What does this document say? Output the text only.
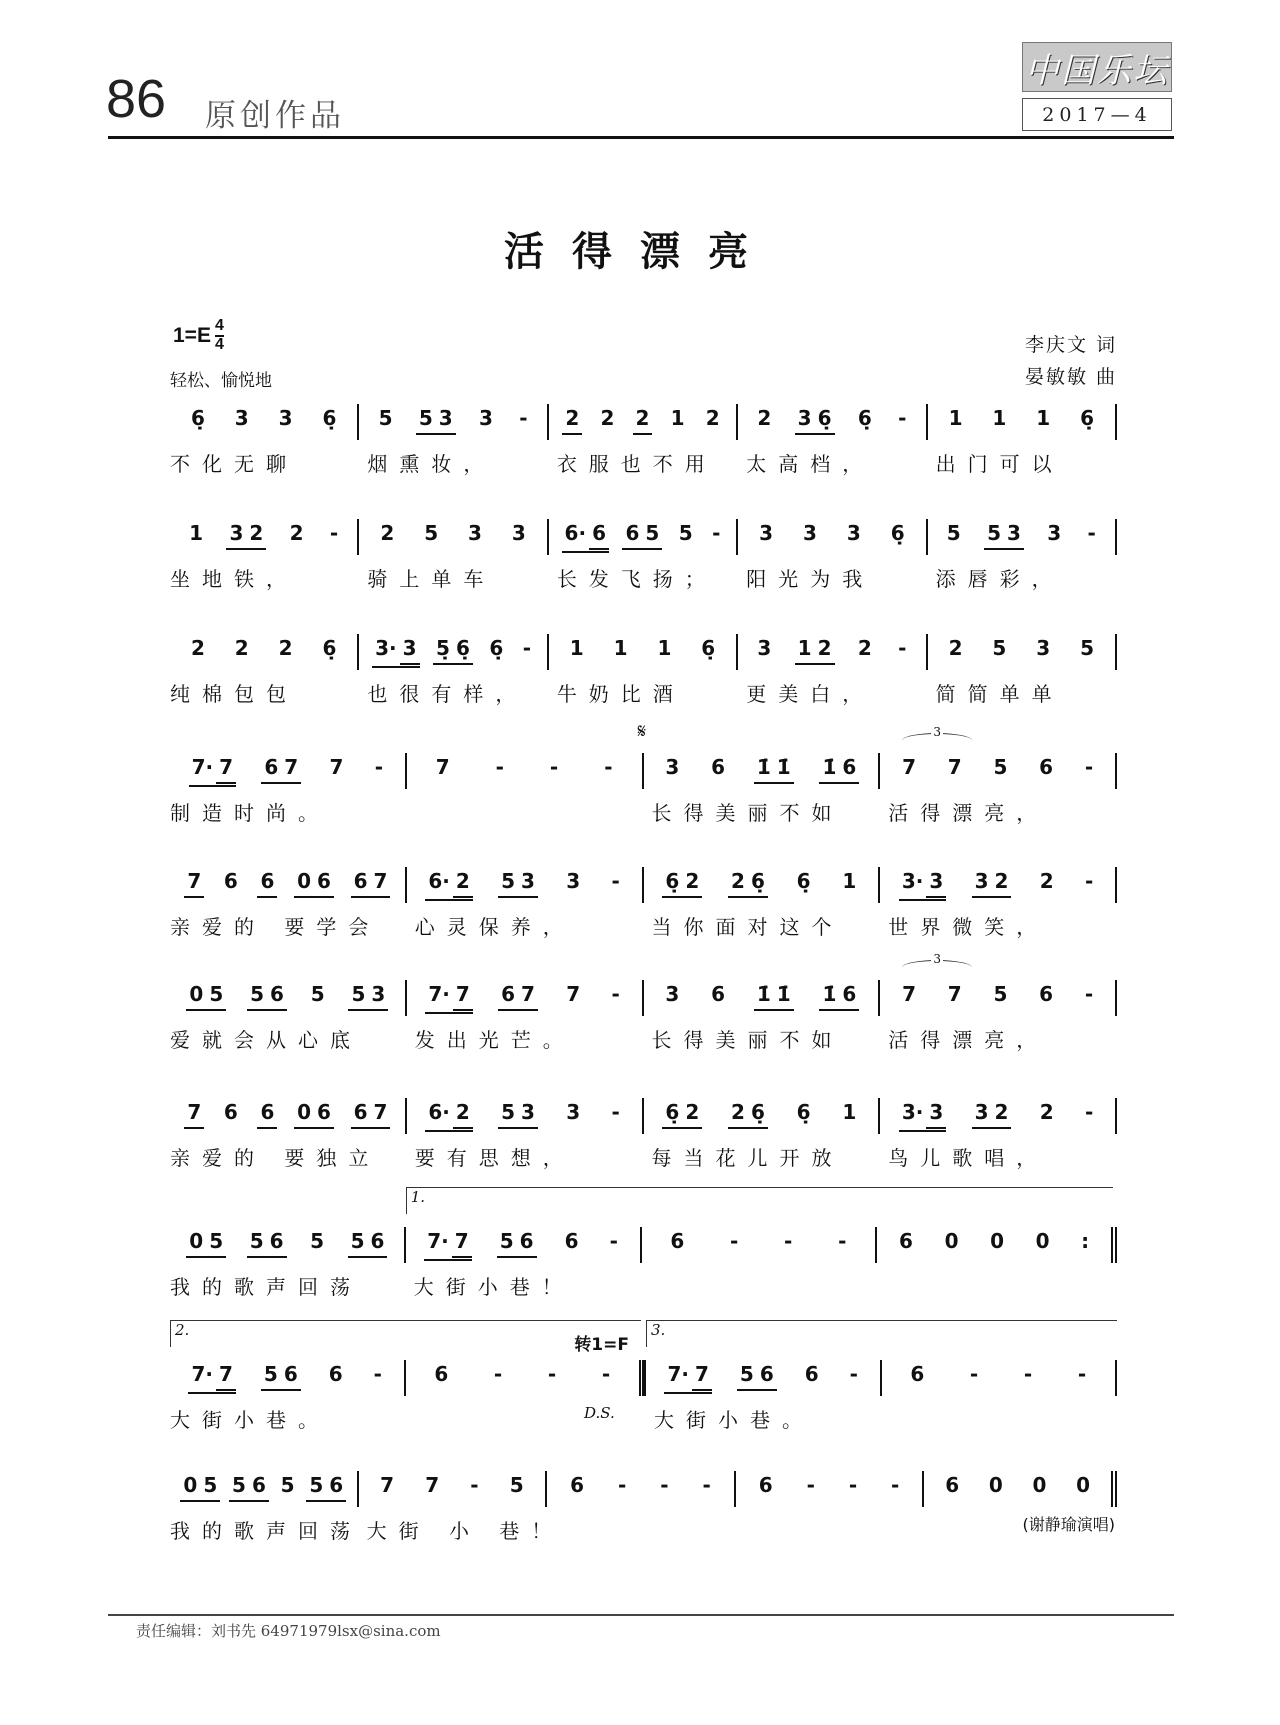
86 原创作品
中国乐坛
2017—4
活得漂亮
1=E 4
4
轻松、愉悦地
李庆文 词
晏敏敏 曲
6̣ 3 3 6̣
不化无聊
5 5 3 3 -
烟熏妆，
2 2 2 1 2
衣服也不用
2 3 6̣ 6̣ -
太高档，
1 1 1 6̣
出门可以
1 3 2 2 -
坐地铁，
2 5 3 3
骑上单车
6· 6 6 5 5 -
长发飞扬；
3 3 3 6̣
阳光为我
5 5 3 3 -
添唇彩，
2 2 2 6̣
纯棉包包
3· 3 5̣ 6̣ 6̣ -
也很有样，
1 1 1 6̣
牛奶比酒
3 1 2 2 -
更美白，
2 5 3 5
简简单单
7· 7 6 7 7 -
制造时尚。
7 - - -	3 6 1̇ 1̇ 1̇ 6
长得美丽不如
𝄋
7 7 5 6 -
活得漂亮，
3
7 6 6 0 6 6 7
亲爱的 要学会
6· 2 5 3 3 -
心灵保养，
6̣ 2 2 6̣ 6̣ 1
当你面对这个
3· 3 3 2 2 -
世界微笑，
0 5 5 6 5 5 3
爱就会从心底
7· 7 6 7 7 -
发出光芒。
3 6 1̇ 1̇ 1̇ 6
长得美丽不如
7 7 5 6 -
活得漂亮，
3
7 6 6 0 6 6 7
亲爱的 要独立
6· 2 5 3 3 -
要有思想，
6̣ 2 2 6̣ 6̣ 1
每当花儿开放
3· 3 3 2 2 -
鸟儿歌唱，
0 5 5 6 5 5 6
我的歌声回荡
7· 7 5 6 6 -
大街小巷！
1.
6 - - -	6 0 0 0 :
7· 7 5 6 6 -
大街小巷。
2.
6 - - -
转1=F
7· 7 5 6 6 -
大街小巷。
3.
D.S.
6 - - -
0 5 5 6 5 5 6
我的歌声回荡
7 7 - 5
大街 小 巷！
6 - - - 6 - - - 6 0 0 0
(谢静瑜演唱)
责任编辑：刘书先 64971979lsx@sina.com
